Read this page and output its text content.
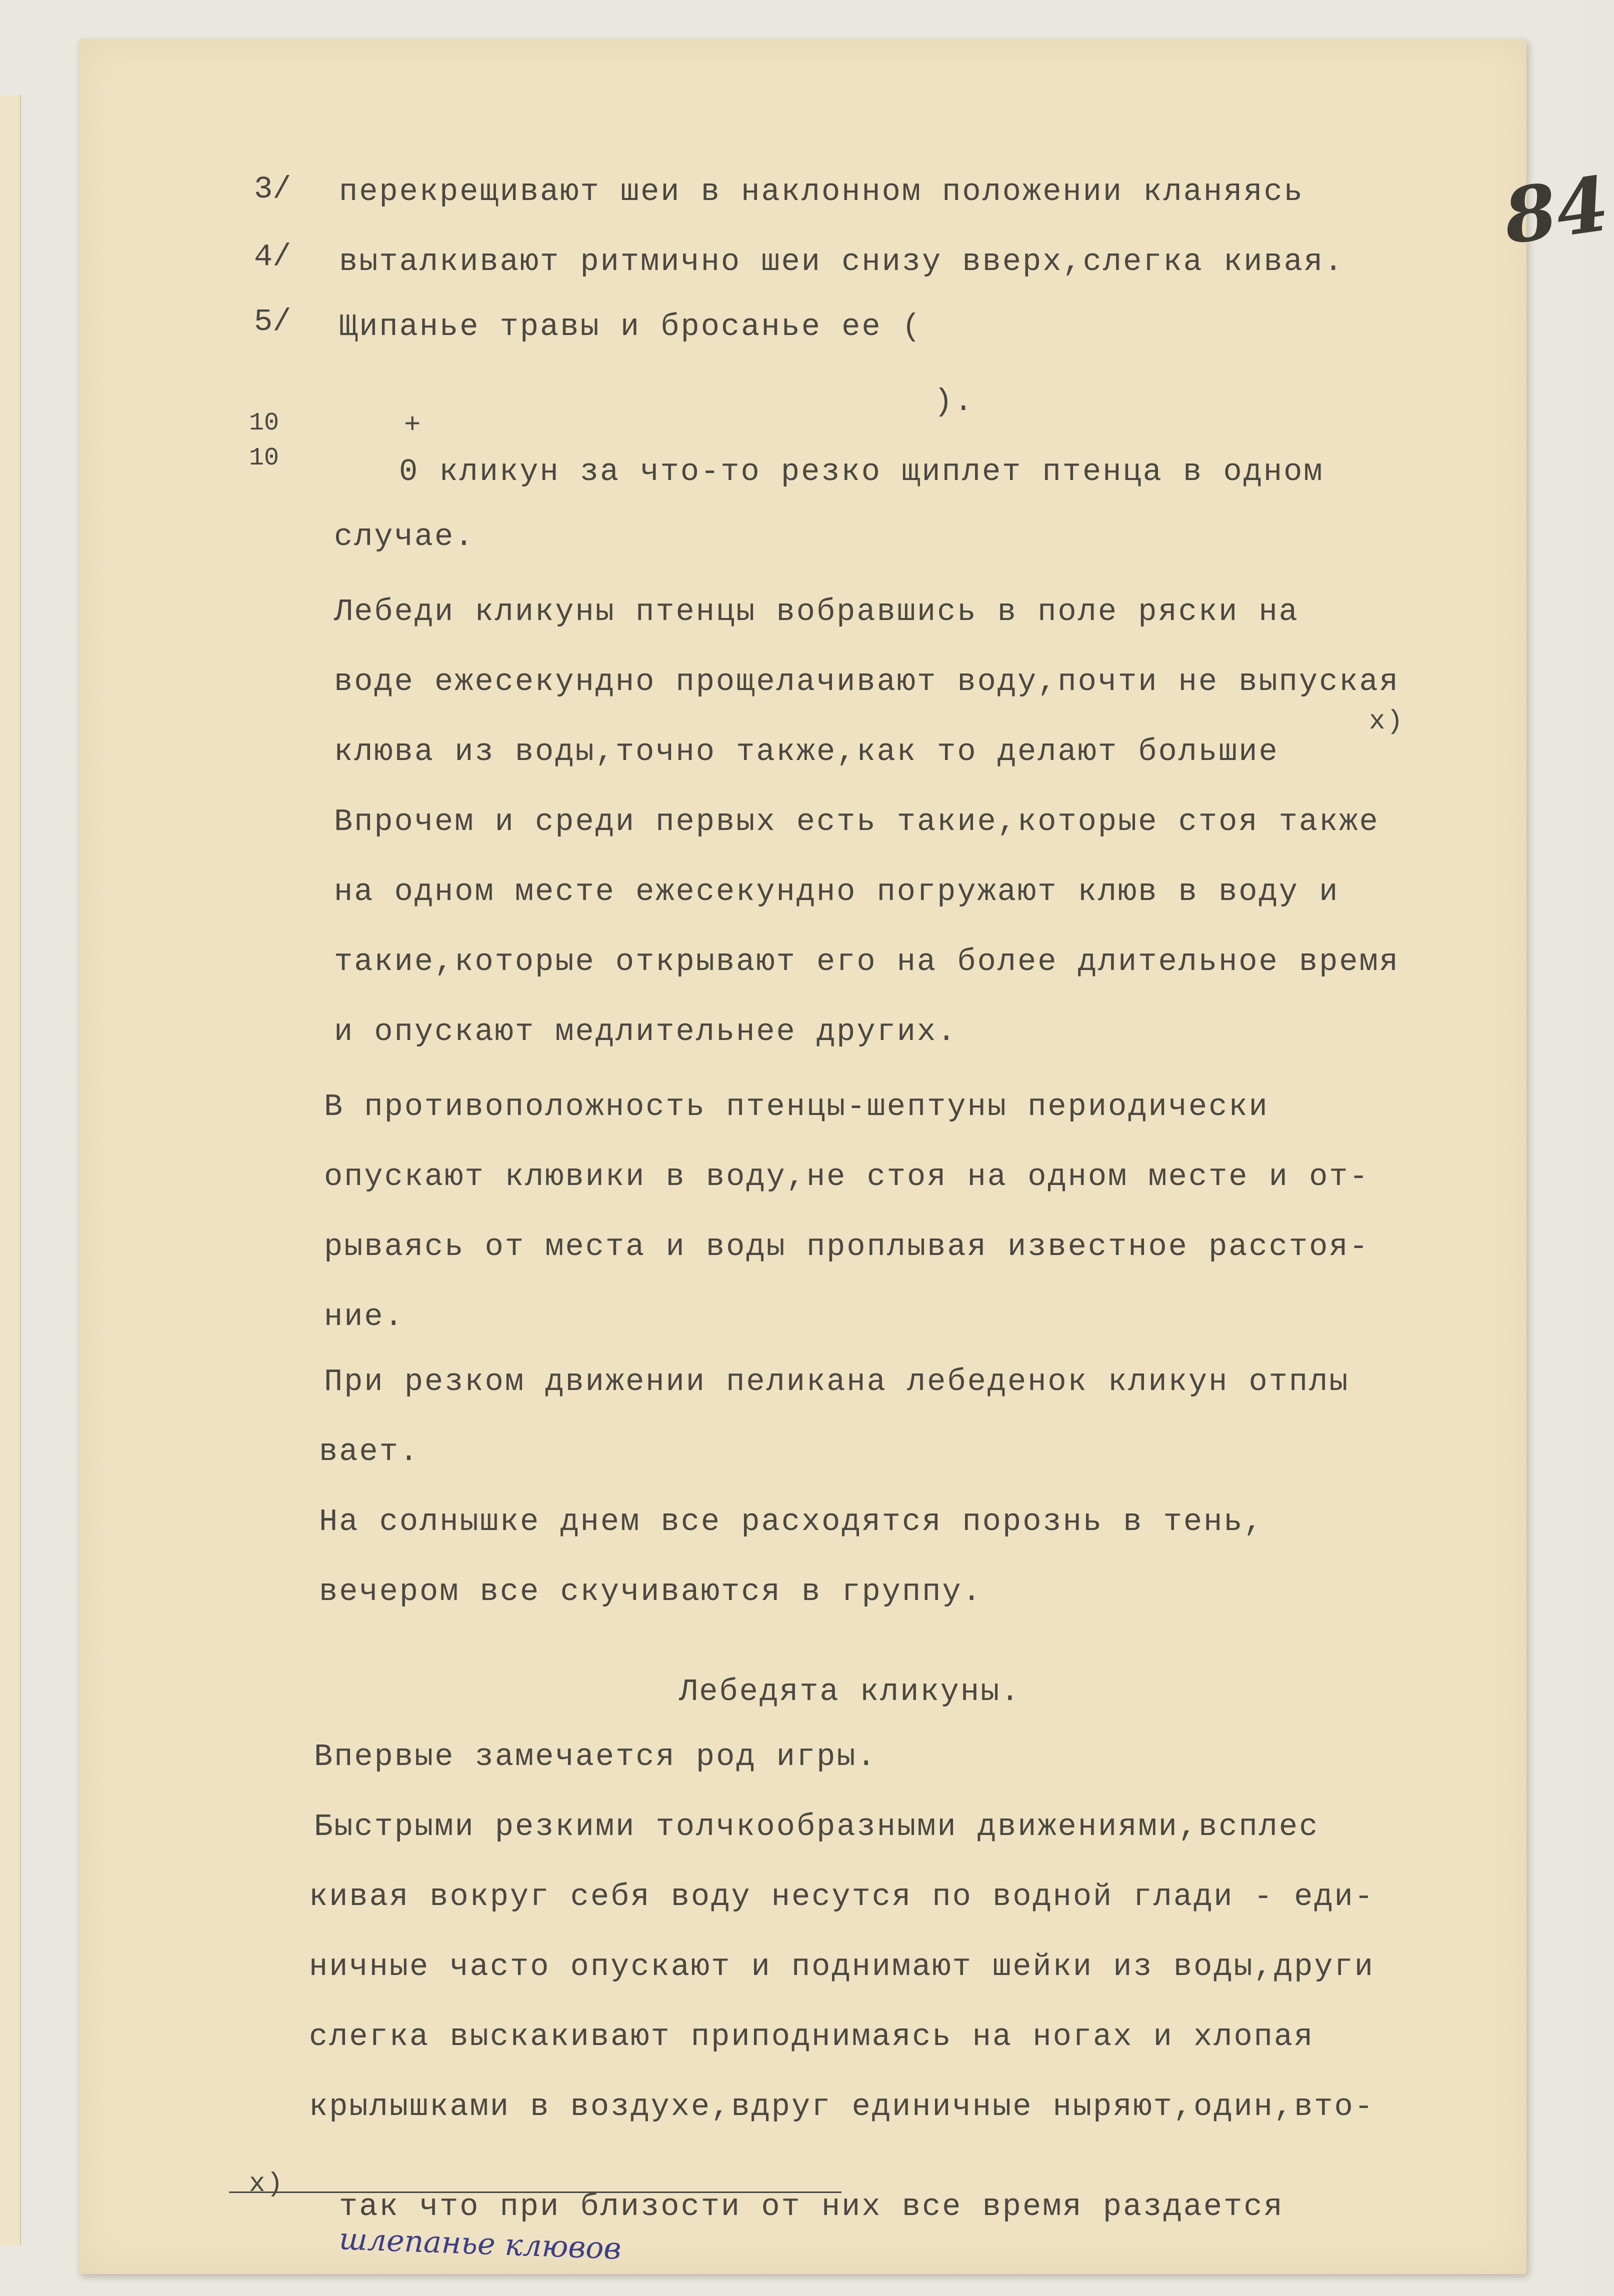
84
3/ перекрещивают шеи в наклонном положении кланяясь
4/ выталкивают ритмично шеи снизу вверх,слегка кивая.
5/ Щипанье травы и бросанье ее (
).
10
10
+
0 кликун за что-то резко щиплет птенца в одном
случае.
Лебеди кликуны птенцы вобравшись в поле ряски на
воде ежесекундно прощелачивают воду,почти не выпуская
клюва из воды,точно также,как то делают большие
x)
Впрочем и среди первых есть такие,которые стоя также
на одном месте ежесекундно погружают клюв в воду и
такие,которые открывают его на более длительное время
и опускают медлительнее других.
В противоположность птенцы-шептуны периодически
опускают клювики в воду,не стоя на одном месте и от-
рываясь от места и воды проплывая известное расстоя-
ние.
При резком движении пеликана лебеденок кликун отплы
вает.
На солнышке днем все расходятся порознь в тень,
вечером все скучиваются в группу.
Лебедята кликуны.
Впервые замечается род игры.
Быстрыми резкими толчкообразными движениями,всплес
кивая вокруг себя воду несутся по водной глади - еди-
ничные часто опускают и поднимают шейки из воды,други
слегка выскакивают приподнимаясь на ногах и хлопая
крылышками в воздухе,вдруг единичные ныряют,один,вто-
x)
так что при близости от них все время раздается
шлепанье клювов
